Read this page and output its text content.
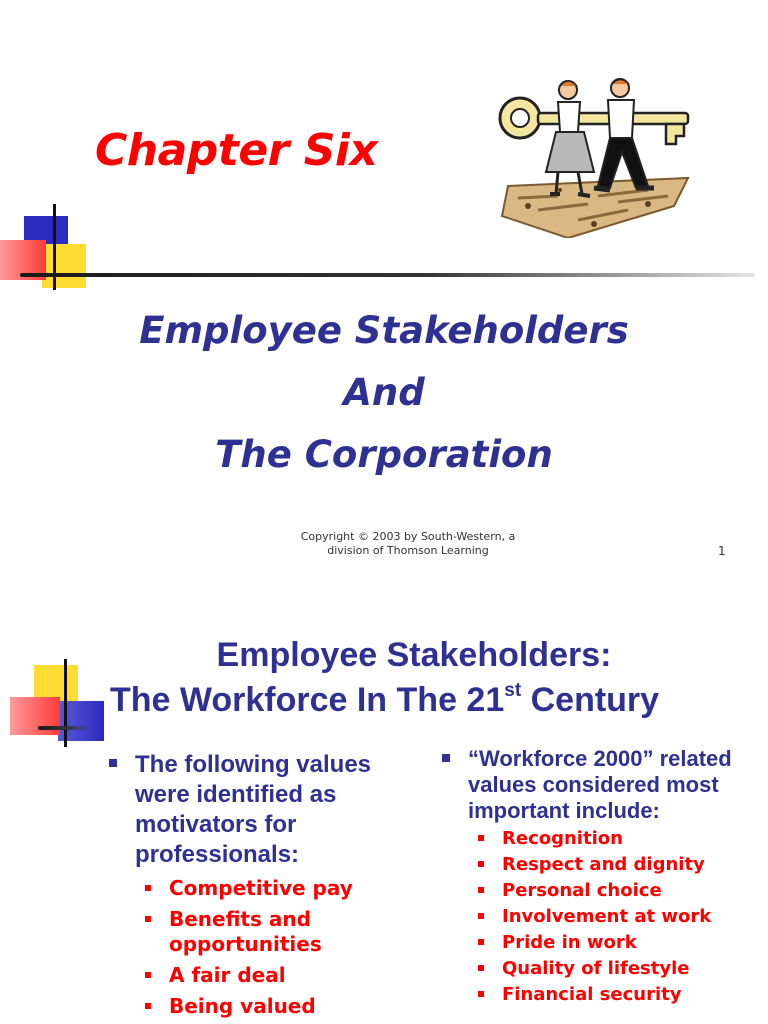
Chapter Six
Employee Stakeholders
And
The Corporation
Copyright © 2003 by South-Western, a
division of Thomson Learning	1
Employee Stakeholders:
The Workforce In The 21st Century
The following values were identified as motivators for professionals:
Competitive pay
Benefits and opportunities
A fair deal
Being valued
“Workforce 2000” related values considered most important include:
Recognition
Respect and dignity
Personal choice
Involvement at work
Pride in work
Quality of lifestyle
Financial security
